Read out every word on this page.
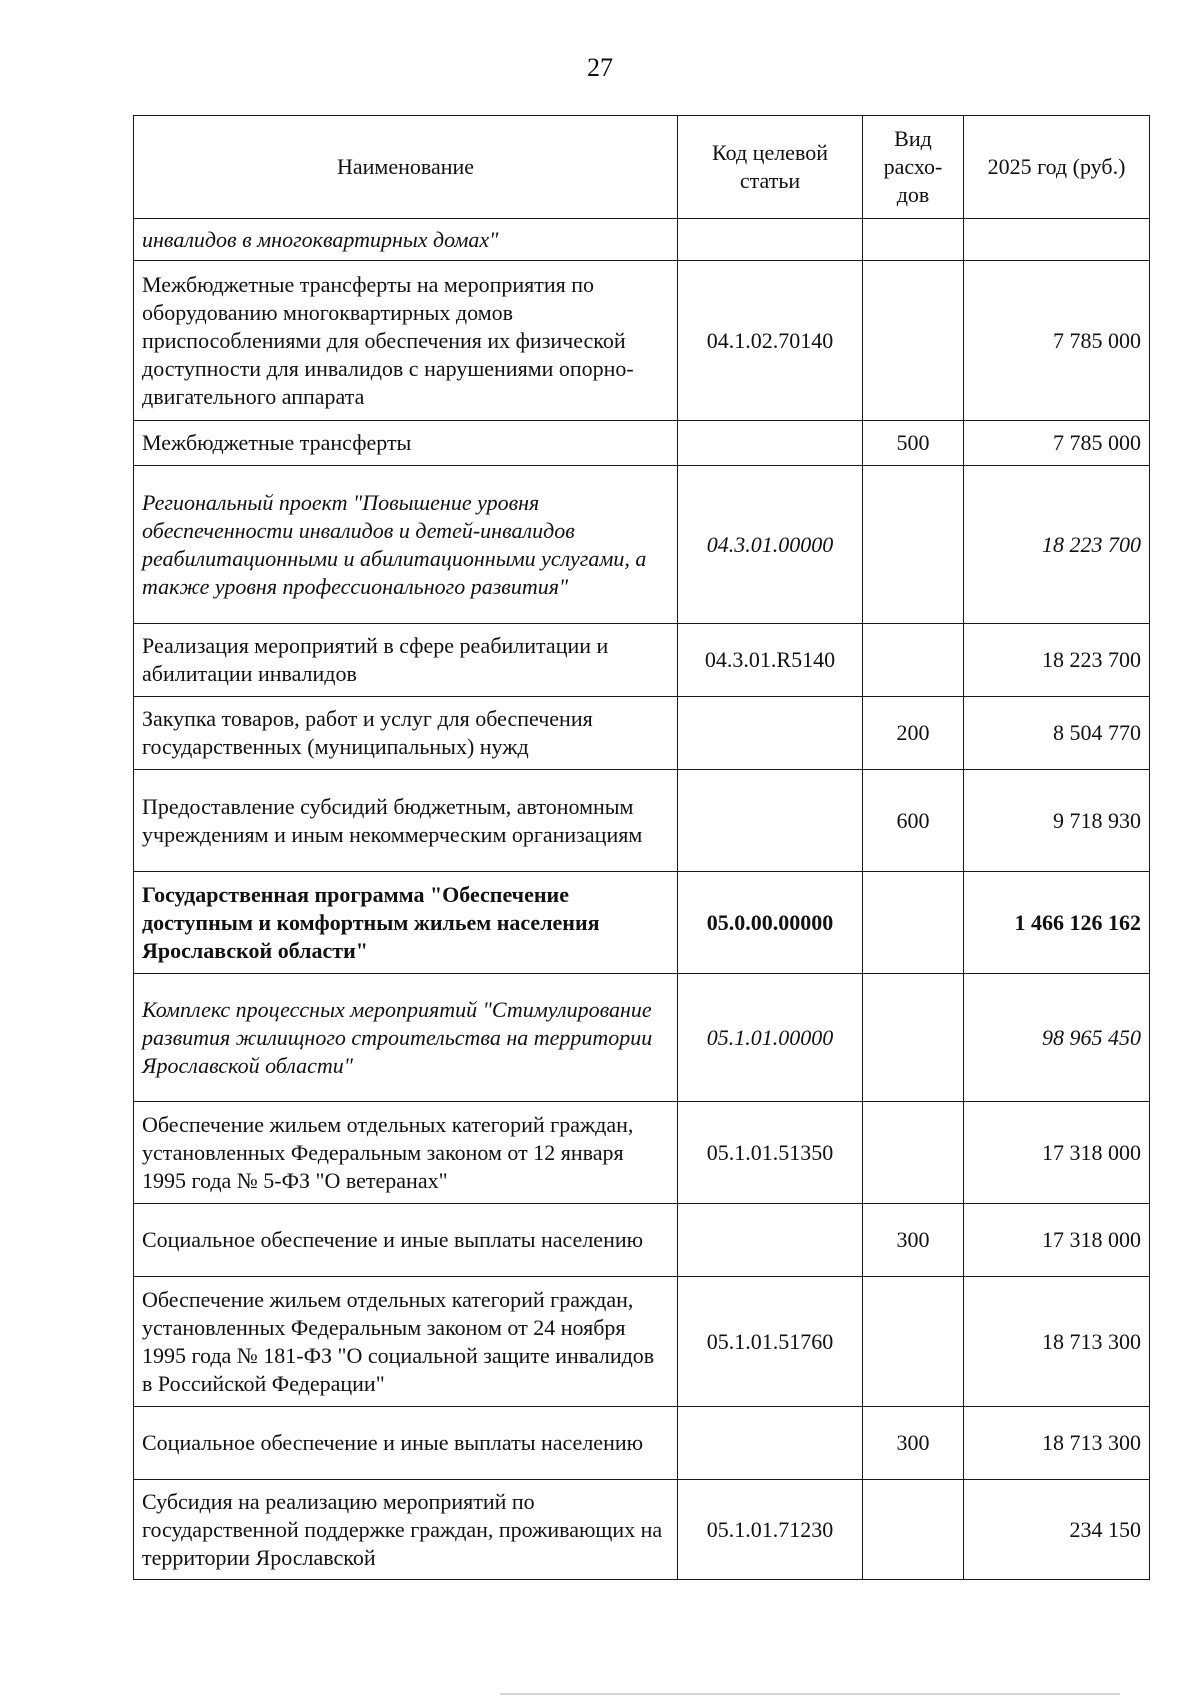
27
Наименование	Код целевой статьи	Вид расхо-дов	2025 год (руб.)
инвалидов в многоквартирных домах"			
Межбюджетные трансферты на мероприятия по оборудованию многоквартирных домов приспособлениями для обеспечения их физической доступности для инвалидов с нарушениями опорно-двигательного аппарата	04.1.02.70140		7 785 000
Межбюджетные трансферты		500	7 785 000
Региональный проект "Повышение уровня обеспеченности инвалидов и детей-инвалидов реабилитационными и абилитационными услугами, а также уровня профессионального развития"	04.3.01.00000		18 223 700
Реализация мероприятий в сфере реабилитации и абилитации инвалидов	04.3.01.R5140		18 223 700
Закупка товаров, работ и услуг для обеспечения государственных (муниципальных) нужд		200	8 504 770
Предоставление субсидий бюджетным, автономным учреждениям и иным некоммерческим организациям		600	9 718 930
Государственная программа "Обеспечение доступным и комфортным жильем населения Ярославской области"	05.0.00.00000		1 466 126 162
Комплекс процессных мероприятий "Стимулирование развития жилищного строительства на территории Ярославской области"	05.1.01.00000		98 965 450
Обеспечение жильем отдельных категорий граждан, установленных Федеральным законом от 12 января 1995 года № 5-ФЗ "О ветеранах"	05.1.01.51350		17 318 000
Социальное обеспечение и иные выплаты населению		300	17 318 000
Обеспечение жильем отдельных категорий граждан, установленных Федеральным законом от 24 ноября 1995 года № 181-ФЗ "О социальной защите инвалидов в Российской Федерации"	05.1.01.51760		18 713 300
Социальное обеспечение и иные выплаты населению		300	18 713 300
Субсидия на реализацию мероприятий по государственной поддержке граждан, проживающих на территории Ярославской	05.1.01.71230		234 150
